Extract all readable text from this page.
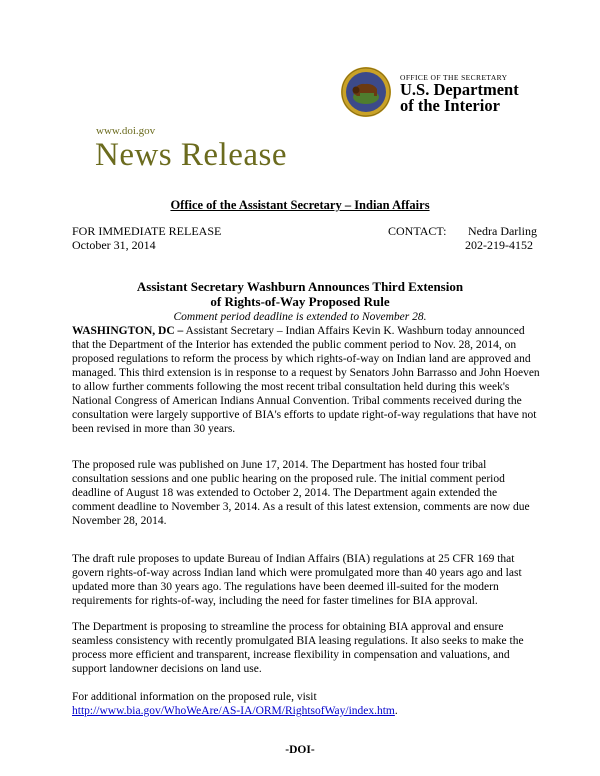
OFFICE OF THE SECRETARY
U.S. Department
of the Interior
www.doi.gov
News Release
Office of the Assistant Secretary – Indian Affairs
FOR IMMEDIATE RELEASE
October 31, 2014
CONTACT: Nedra Darling
202-219-4152
Assistant Secretary Washburn Announces Third Extension
of Rights-of-Way Proposed Rule
Comment period deadline is extended to November 28.
WASHINGTON, DC – Assistant Secretary – Indian Affairs Kevin K. Washburn today announced that the Department of the Interior has extended the public comment period to Nov. 28, 2014, on proposed regulations to reform the process by which rights-of-way on Indian land are approved and managed. This third extension is in response to a request by Senators John Barrasso and John Hoeven to allow further comments following the most recent tribal consultation held during this week's National Congress of American Indians Annual Convention. Tribal comments received during the consultation were largely supportive of BIA's efforts to update right-of-way regulations that have not been revised in more than 30 years.
The proposed rule was published on June 17, 2014. The Department has hosted four tribal consultation sessions and one public hearing on the proposed rule. The initial comment period deadline of August 18 was extended to October 2, 2014. The Department again extended the comment deadline to November 3, 2014. As a result of this latest extension, comments are now due November 28, 2014.
The draft rule proposes to update Bureau of Indian Affairs (BIA) regulations at 25 CFR 169 that govern rights-of-way across Indian land which were promulgated more than 40 years ago and last updated more than 30 years ago. The regulations have been deemed ill-suited for the modern requirements for rights-of-way, including the need for faster timelines for BIA approval.
The Department is proposing to streamline the process for obtaining BIA approval and ensure seamless consistency with recently promulgated BIA leasing regulations. It also seeks to make the process more efficient and transparent, increase flexibility in compensation and valuations, and support landowner decisions on land use.
For additional information on the proposed rule, visit
http://www.bia.gov/WhoWeAre/AS-IA/ORM/RightsofWay/index.htm.
-DOI-
